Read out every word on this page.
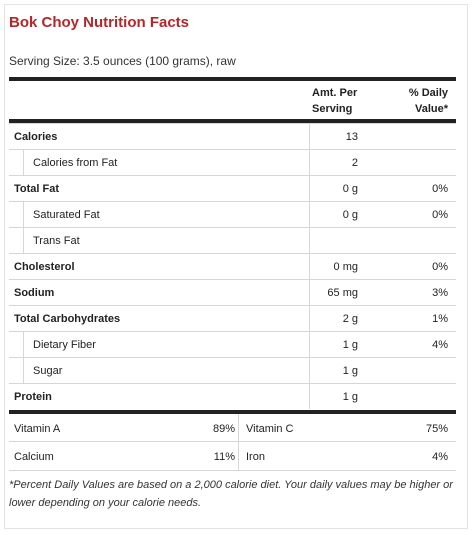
Bok Choy Nutrition Facts
Serving Size: 3.5 ounces (100 grams), raw
Amt. Per
Serving
% Daily
Value*
Calories	13
Calories from Fat	2
Total Fat	0 g	0%
Saturated Fat	0 g	0%
Trans Fat
Cholesterol	0 mg	0%
Sodium	65 mg	3%
Total Carbohydrates	2 g	1%
Dietary Fiber	1 g	4%
Sugar	1 g
Protein	1 g
Vitamin A	89% Vitamin C	75%
Calcium	11% Iron	4%
*Percent Daily Values are based on a 2,000 calorie diet. Your daily values may be higher or lower depending on your calorie needs.
